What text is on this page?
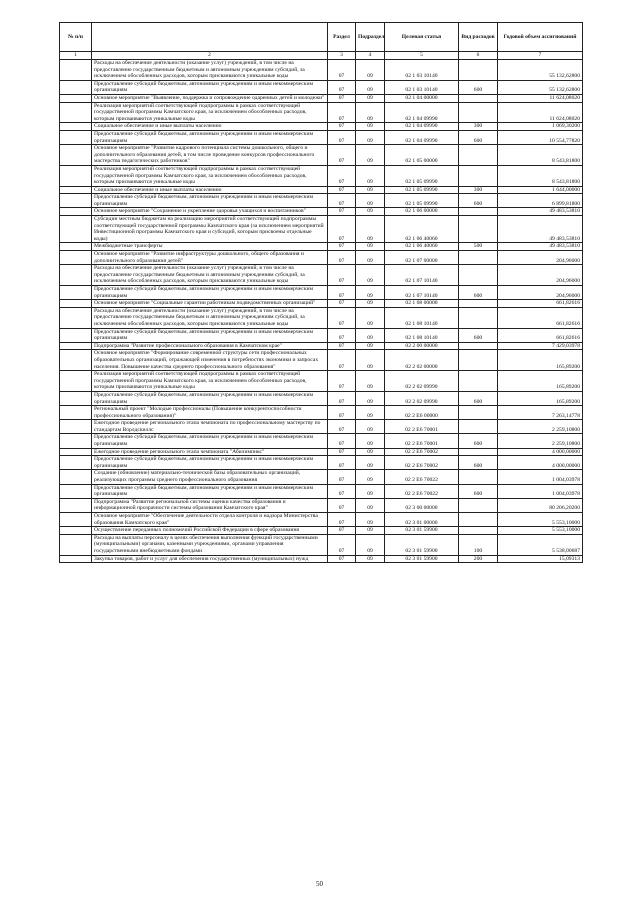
№ п/п		Раздел	Подраздел	Целевая статья	Вид расходов	Годовой объем ассигнований
1	2	3	4	5	6	7
	Расходы на обеспечение деятельности (оказание услуг) учреждений, в том числе на предоставление государственным бюджетным и автономным учреждениям субсидий, за исключением обособленных расходов, которым присваиваются уникальные коды	07	09	02 1 03 10140		55 132,62800
	Предоставление субсидий бюджетным, автономным учреждениям и иным некоммерческим организациям	07	09	02 1 03 10140	600	55 132,62800
	Основное мероприятие "Выявление, поддержка и сопровождение одаренных детей и молодежи"	07	09	02 1 04 00000		11 624,08020
	Реализация мероприятий соответствующей подпрограммы в рамках соответствующей государственной программы Камчатского края, за исключением обособленных расходов, которым присваиваются уникальные коды	07	09	02 1 04 09990		11 624,08020
	Социальное обеспечение и иные выплаты населению	07	09	02 1 04 09990	300	1 069,30200
	Предоставление субсидий бюджетным, автономным учреждениям и иным некоммерческим организациям	07	09	02 1 04 09990	600	10 554,77820
	Основное мероприятие "Развитие кадрового потенциала системы дошкольного, общего и дополнительного образования детей, в том числе проведение конкурсов профессионального мастерства педагогических работников"	07	09	02 1 05 00000		8 543,81800
	Реализация мероприятий соответствующей подпрограммы в рамках соответствующей государственной программы Камчатского края, за исключением обособленных расходов, которым присваиваются уникальные коды	07	09	02 1 05 09990		8 543,81800
	Социальное обеспечение и иные выплаты населению	07	09	02 1 05 09990	300	1 644,00000
	Предоставление субсидий бюджетным, автономным учреждениям и иным некоммерческим организациям	07	09	02 1 05 09990	600	6 899,81800
	Основное мероприятие "Сохранение и укрепление здоровья учащихся и воспитанников"	07	09	02 1 06 00000		49 483,53810
	Субсидии местным бюджетам на реализацию мероприятий соответствующей подпрограммы соответствующей государственной программы Камчатского края (за исключением мероприятий Инвестиционной программы Камчатского края и субсидий, которым присвоены отдельные коды)	07	09	02 1 06 40060		49 483,53810
	Межбюджетные трансферты	07	09	02 1 06 40060	500	49 483,53810
	Основное мероприятие "Развитие инфраструктуры дошкольного, общего образования и дополнительного образования детей"	07	09	02 1 07 00000		204,96000
	Расходы на обеспечение деятельности (оказание услуг) учреждений, в том числе на предоставление государственным бюджетным и автономным учреждениям субсидий, за исключением обособленных расходов, которым присваиваются уникальные коды	07	09	02 1 07 10140		204,96000
	Предоставление субсидий бюджетным, автономным учреждениям и иным некоммерческим организациям	07	09	02 1 07 10140	600	204,96000
	Основное мероприятие "Социальные гарантии работникам подведомственных организаций"	07	09	02 1 08 00000		661,82616
	Расходы на обеспечение деятельности (оказание услуг) учреждений, в том числе на предоставление государственным бюджетным и автономным учреждениям субсидий, за исключением обособленных расходов, которым присваиваются уникальные коды	07	09	02 1 08 10140		661,82616
	Предоставление субсидий бюджетным, автономным учреждениям и иным некоммерческим организациям	07	09	02 1 08 10140	600	661,82616
	Подпрограмма "Развитие профессионального образования в Камчатском крае"	07	09	02 2 00 00000		7 429,03978
	Основное мероприятие "Формирование современной структуры сети профессиональных образовательных организаций, отражающей изменения в потребностях экономики и запросах населения. Повышение качества среднего профессионального образования"	07	09	02 2 02 00000		165,89200
	Реализация мероприятий соответствующей подпрограммы в рамках соответствующей государственной программы Камчатского края, за исключением обособленных расходов, которым присваиваются уникальные коды	07	09	02 2 02 09990		165,89200
	Предоставление субсидий бюджетным, автономным учреждениям и иным некоммерческим организациям	07	09	02 2 02 09990	600	165,89200
	Региональный проект "Молодые профессионалы (Повышение конкурентоспособности профессионального образования)"	07	09	02 2 E6 00000		7 263,14778
	Ежегодное проведение регионального этапа чемпионата по профессиональному мастерству по стандартам Ворлдскиллс	07	09	02 2 E6 70001		2 259,10800
	Предоставление субсидий бюджетным, автономным учреждениям и иным некоммерческим организациям	07	09	02 2 E6 70001	600	2 259,10800
	Ежегодное проведение регионального этапа чемпионата "Абилимпикс"	07	09	02 2 E6 70002		4 000,00000
	Предоставление субсидий бюджетным, автономным учреждениям и иным некоммерческим организациям	07	09	02 2 E6 70002	600	4 000,00000
	Создание (обновление) материально-технической базы образовательных организаций, реализующих программы среднего профессионального образования	07	09	02 2 E6 70022		1 004,03978
	Предоставление субсидий бюджетным, автономным учреждениям и иным некоммерческим организациям	07	09	02 2 E6 70022	600	1 004,03978
	Подпрограмма "Развитие региональной системы оценки качества образования и информационной прозрачности системы образования Камчатского края"	07	09	02 3 00 00000		80 206,20200
	Основное мероприятие "Обеспечение деятельности отдела контроля и надзора Министерства образования Камчатского края"	07	09	02 3 01 00000		5 553,10000
	Осуществление переданных полномочий Российской Федерации в сфере образования	07	09	02 3 01 59900		5 553,10000
	Расходы на выплаты персоналу в целях обеспечения выполнения функций государственными (муниципальными) органами, казенными учреждениями, органами управления государственными внебюджетными фондами	07	09	02 3 01 59900	100	5 538,00687
	Закупка товаров, работ и услуг для обеспечения государственных (муниципальных) нужд	07	09	02 3 01 59900	200	15,09313
50
